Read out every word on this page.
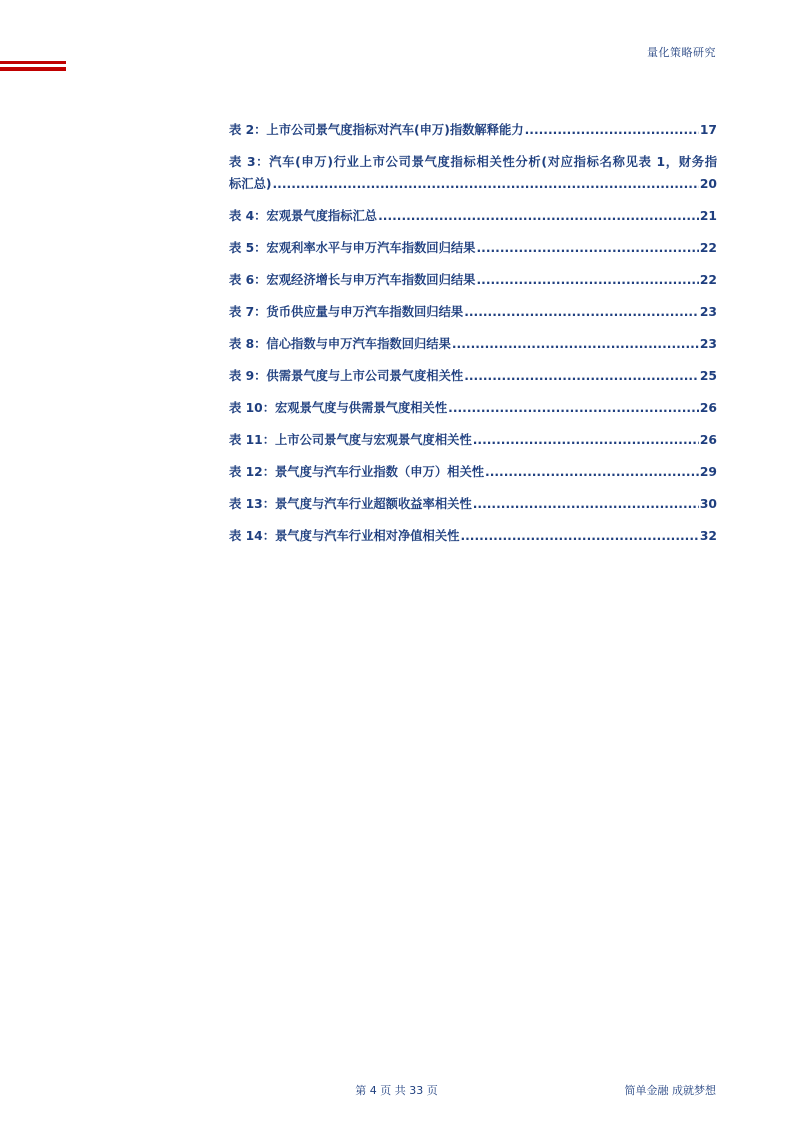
量化策略研究
表 2：上市公司景气度指标对汽车(申万)指数解释能力 .....	17
表 3：汽车(申万)行业上市公司景气度指标相关性分析(对应指标名称见表 1，财务指
标汇总) .....	20
表 4：宏观景气度指标汇总 .....	21
表 5：宏观利率水平与申万汽车指数回归结果 .....	22
表 6：宏观经济增长与申万汽车指数回归结果 .....	22
表 7：货币供应量与申万汽车指数回归结果 .....	23
表 8：信心指数与申万汽车指数回归结果 .....	23
表 9：供需景气度与上市公司景气度相关性 .....	25
表 10：宏观景气度与供需景气度相关性 .....	26
表 11：上市公司景气度与宏观景气度相关性 .....	26
表 12：景气度与汽车行业指数（申万）相关性 .....	29
表 13：景气度与汽车行业超额收益率相关性 .....	30
表 14：景气度与汽车行业相对净值相关性 .....	32
第 4 页 共 33 页	简单金融 成就梦想
